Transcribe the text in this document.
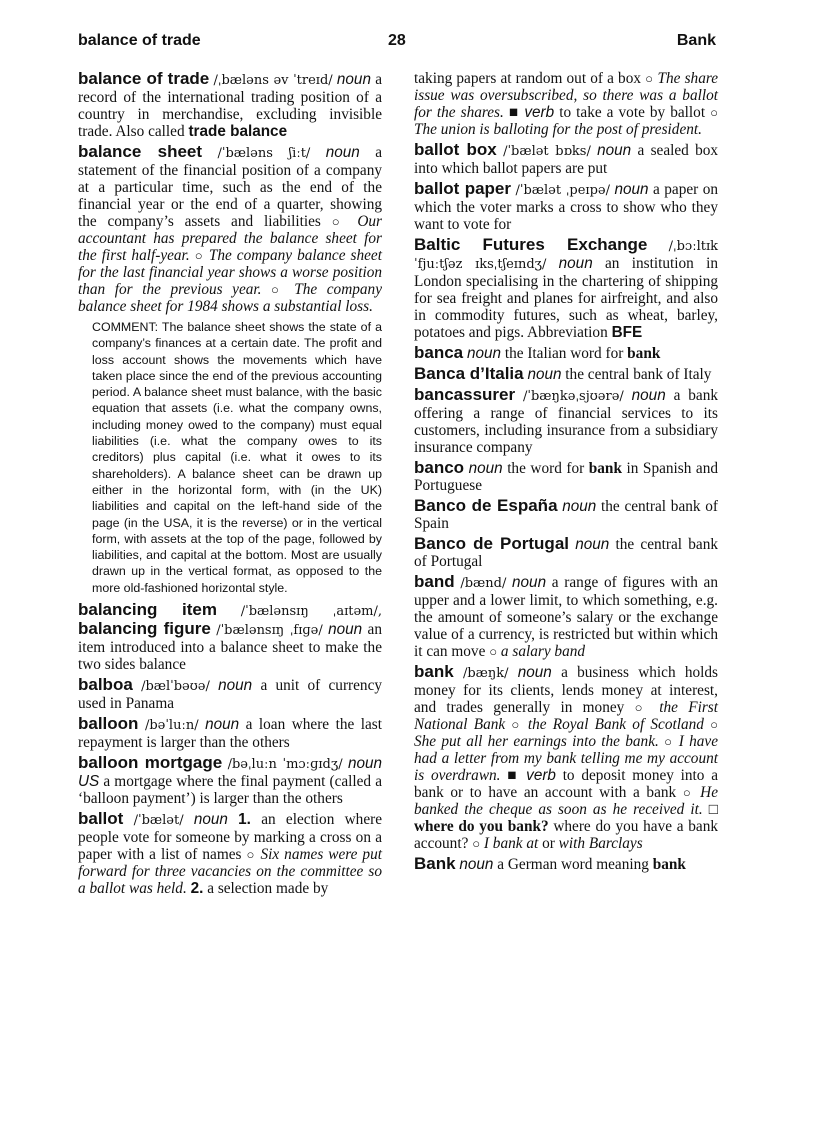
balance of trade	28	Bank
balance of trade /ˌbæləns əv ˈtreɪd/ noun a record of the international trading position of a country in merchandise, excluding invisible trade. Also called trade balance
balance sheet /ˈbæləns ʃiːt/ noun a statement of the financial position of a company at a particular time, such as the end of the financial year or the end of a quarter, showing the company’s assets and liabilities ○ Our accountant has prepared the balance sheet for the first half-year. ○ The company balance sheet for the last financial year shows a worse position than for the previous year. ○ The company balance sheet for 1984 shows a substantial loss.
COMMENT: The balance sheet shows the state of a company’s finances at a certain date. The profit and loss account shows the movements which have taken place since the end of the previous accounting period. A balance sheet must balance, with the basic equation that assets (i.e. what the company owns, including money owed to the company) must equal liabilities (i.e. what the company owes to its creditors) plus capital (i.e. what it owes to its shareholders). A balance sheet can be drawn up either in the horizontal form, with (in the UK) liabilities and capital on the left-hand side of the page (in the USA, it is the reverse) or in the vertical form, with assets at the top of the page, followed by liabilities, and capital at the bottom. Most are usually drawn up in the vertical format, as opposed to the more old-fashioned horizontal style.
balancing item /ˈbælənsɪŋ ˌaɪtəm/, balancing figure /ˈbælənsɪŋ ˌfɪɡə/ noun an item introduced into a balance sheet to make the two sides balance
balboa /bælˈbəʊə/ noun a unit of currency used in Panama
balloon /bəˈluːn/ noun a loan where the last repayment is larger than the others
balloon mortgage /bəˌluːn ˈmɔːɡɪdʒ/ noun US a mortgage where the final payment (called a ‘balloon payment’) is larger than the others
ballot /ˈbælət/ noun 1. an election where people vote for someone by marking a cross on a paper with a list of names ○ Six names were put forward for three vacancies on the committee so a ballot was held. 2. a selection made by
taking papers at random out of a box ○ The share issue was oversubscribed, so there was a ballot for the shares. ■ verb to take a vote by ballot ○ The union is balloting for the post of president.
ballot box /ˈbælət bɒks/ noun a sealed box into which ballot papers are put
ballot paper /ˈbælət ˌpeɪpə/ noun a paper on which the voter marks a cross to show who they want to vote for
Baltic Futures Exchange /ˌbɔːltɪk ˈfjuːtʃəz ɪksˌtʃeɪndʒ/ noun an institution in London specialising in the chartering of shipping for sea freight and planes for airfreight, and also in commodity futures, such as wheat, barley, potatoes and pigs. Abbreviation BFE
banca noun the Italian word for bank
Banca d’Italia noun the central bank of Italy
bancassurer /ˈbæŋkəˌsjʊərə/ noun a bank offering a range of financial services to its customers, including insurance from a subsidiary insurance company
banco noun the word for bank in Spanish and Portuguese
Banco de España noun the central bank of Spain
Banco de Portugal noun the central bank of Portugal
band /bænd/ noun a range of figures with an upper and a lower limit, to which something, e.g. the amount of someone’s salary or the exchange value of a currency, is restricted but within which it can move ○ a salary band
bank /bæŋk/ noun a business which holds money for its clients, lends money at interest, and trades generally in money ○ the First National Bank ○ the Royal Bank of Scotland ○ She put all her earnings into the bank. ○ I have had a letter from my bank telling me my account is overdrawn. ■ verb to deposit money into a bank or to have an account with a bank ○ He banked the cheque as soon as he received it. □ where do you bank? where do you have a bank account? ○ I bank at or with Barclays
Bank noun a German word meaning bank
